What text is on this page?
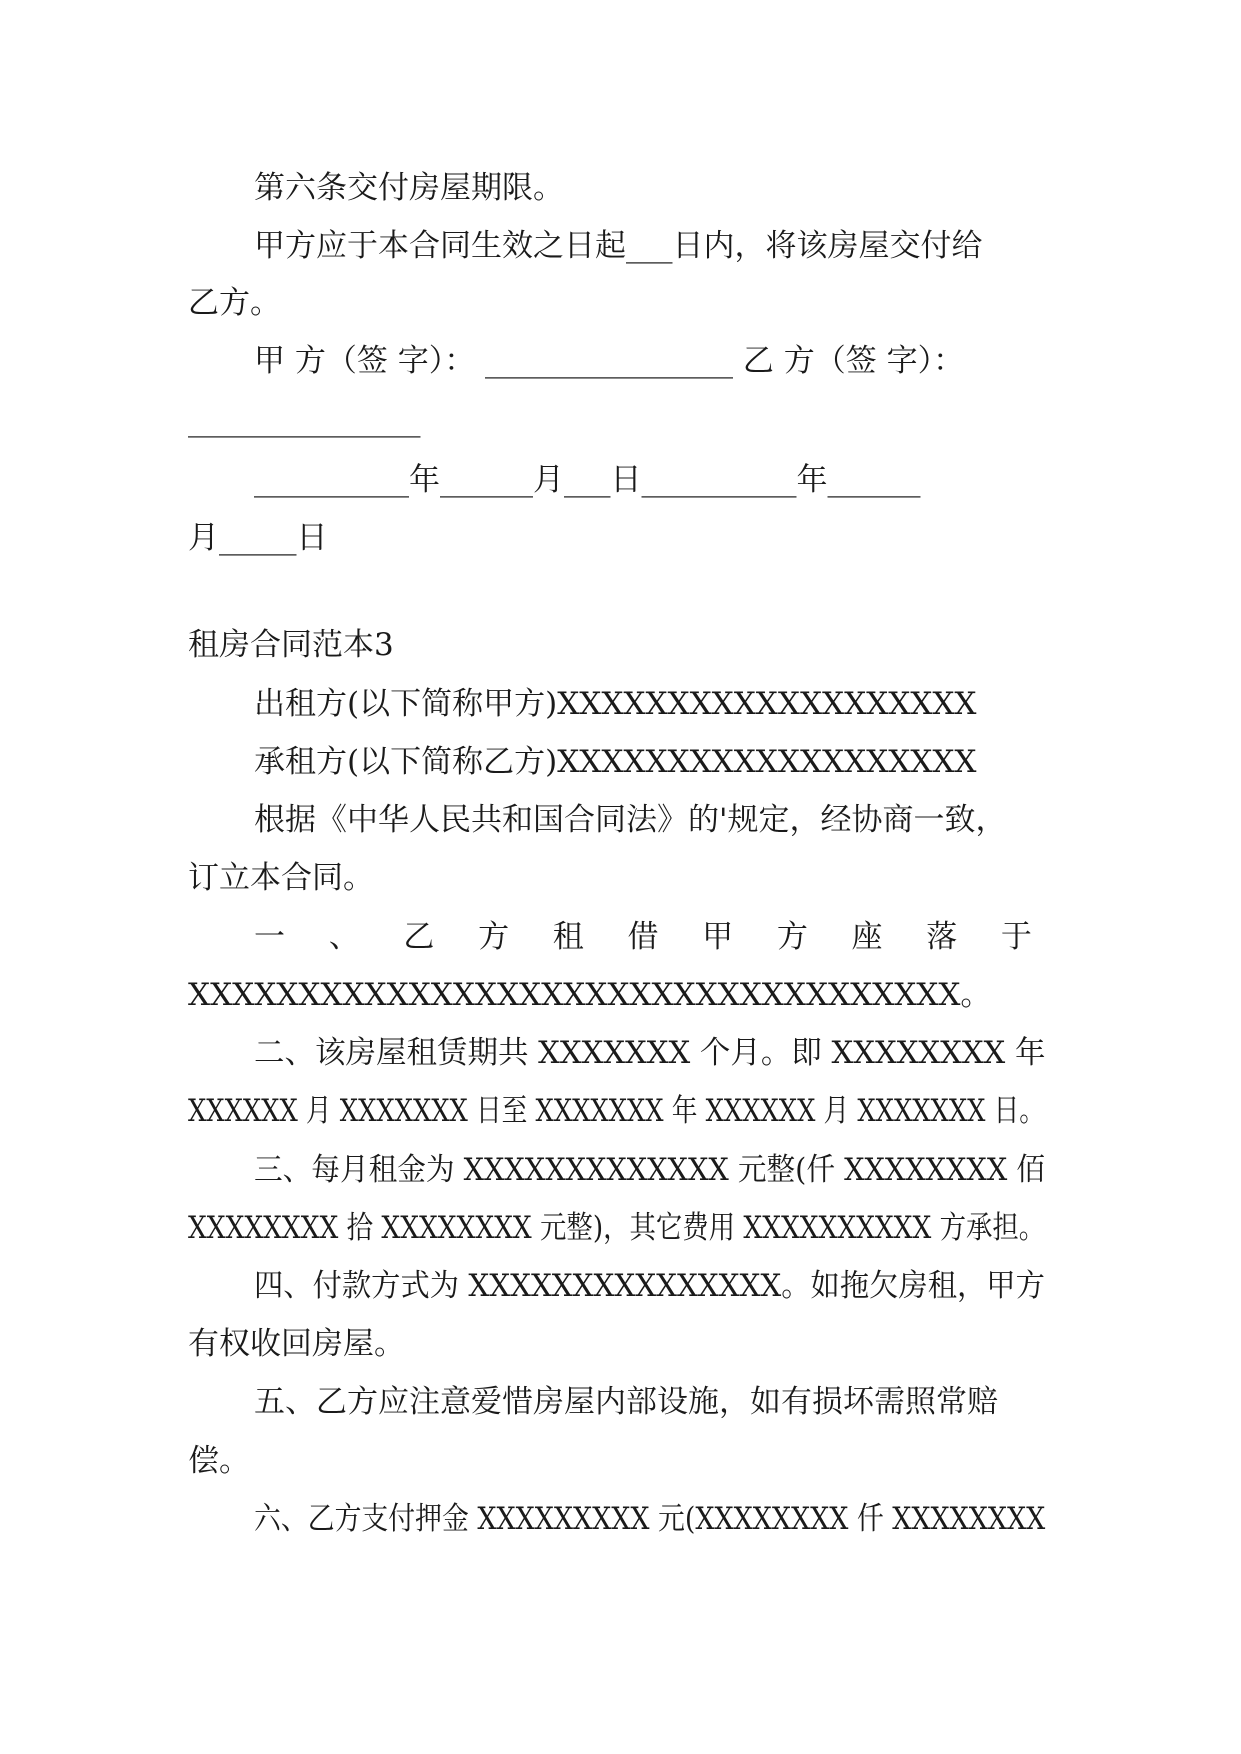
第六条交付房屋期限。
甲方应于本合同生效之日起___日内，将该房屋交付给
乙方。
甲 方（签 字）： ________________ 乙 方（签 字）：
_______________
__________年______月___日__________年______
月_____日
租房合同范本3
出租方(以下简称甲方)XXXXXXXXXXXXXXXXXXX
承租方(以下简称乙方)XXXXXXXXXXXXXXXXXXX
根据《中华人民共和国合同法》的'规定，经协商一致，
订立本合同。
一 、 乙 方 租 借 甲 方 座 落 于
XXXXXXXXXXXXXXXXXXXXXXXXXXXXXXXXXXX。
二、该房屋租赁期共 XXXXXXX 个月。即 XXXXXXXX 年
XXXXXX 月 XXXXXXX 日至 XXXXXXX 年 XXXXXX 月 XXXXXXX 日。
三、每月租金为 XXXXXXXXXXXXX 元整(仟 XXXXXXXX 佰
XXXXXXXX 拾 XXXXXXXX 元整)，其它费用 XXXXXXXXXX 方承担。
四、付款方式为 XXXXXXXXXXXXXXX。如拖欠房租，甲方
有权收回房屋。
五、乙方应注意爱惜房屋内部设施，如有损坏需照常赔
偿。
六、乙方支付押金 XXXXXXXXX 元(XXXXXXXX 仟 XXXXXXXX
